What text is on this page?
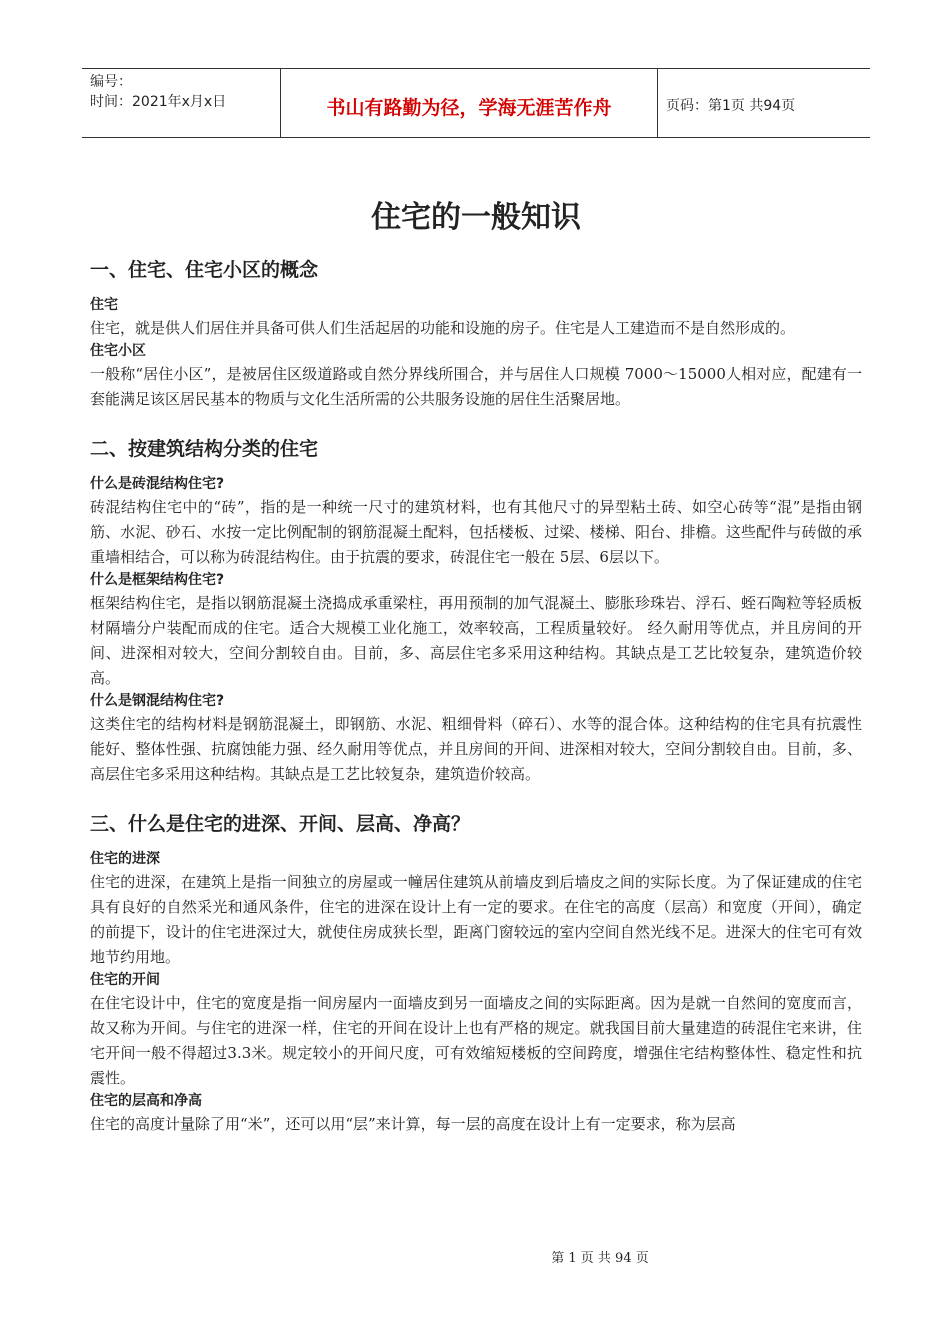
编号：
时间：2021年x月x日	书山有路勤为径，学海无涯苦作舟	页码：第1页 共94页
住宅的一般知识
一、住宅、住宅小区的概念

住宅

住宅，就是供人们居住并具备可供人们生活起居的功能和设施的房子。住宅是人工建造而不是自然形成的。

住宅小区

一般称“居住小区”，是被居住区级道路或自然分界线所围合，并与居住人口规模 7000～15000人相对应，配建有一套能满足该区居民基本的物质与文化生活所需的公共服务设施的居住生活聚居地。

二、按建筑结构分类的住宅

什么是砖混结构住宅?

砖混结构住宅中的“砖”，指的是一种统一尺寸的建筑材料，也有其他尺寸的异型粘土砖、如空心砖等“混”是指由钢筋、水泥、砂石、水按一定比例配制的钢筋混凝土配料，包括楼板、过梁、楼梯、阳台、排檐。这些配件与砖做的承重墙相结合，可以称为砖混结构住。由于抗震的要求，砖混住宅一般在 5层、6层以下。

什么是框架结构住宅?

框架结构住宅，是指以钢筋混凝土浇捣成承重梁柱，再用预制的加气混凝土、膨胀珍珠岩、浮石、蛭石陶粒等轻质板材隔墙分户装配而成的住宅。适合大规模工业化施工，效率较高，工程质量较好。 经久耐用等优点，并且房间的开间、进深相对较大，空间分割较自由。目前，多、高层住宅多采用这种结构。其缺点是工艺比较复杂，建筑造价较高。

什么是钢混结构住宅?

这类住宅的结构材料是钢筋混凝土，即钢筋、水泥、粗细骨料（碎石）、水等的混合体。这种结构的住宅具有抗震性能好、整体性强、抗腐蚀能力强、经久耐用等优点，并且房间的开间、进深相对较大，空间分割较自由。目前，多、高层住宅多采用这种结构。其缺点是工艺比较复杂，建筑造价较高。

三、什么是住宅的进深、开间、层高、净高？

住宅的进深

住宅的进深，在建筑上是指一间独立的房屋或一幢居住建筑从前墙皮到后墙皮之间的实际长度。为了保证建成的住宅具有良好的自然采光和通风条件，住宅的进深在设计上有一定的要求。在住宅的高度（层高）和宽度（开间），确定的前提下，设计的住宅进深过大，就使住房成狭长型，距离门窗较远的室内空间自然光线不足。进深大的住宅可有效地节约用地。

住宅的开间

在住宅设计中，住宅的宽度是指一间房屋内一面墙皮到另一面墙皮之间的实际距离。因为是就一自然间的宽度而言，故又称为开间。与住宅的进深一样，住宅的开间在设计上也有严格的规定。就我国目前大量建造的砖混住宅来讲，住宅开间一般不得超过3.3米。规定较小的开间尺度，可有效缩短楼板的空间跨度，增强住宅结构整体性、稳定性和抗震性。

住宅的层高和净高

住宅的高度计量除了用“米”，还可以用“层”来计算，每一层的高度在设计上有一定要求，称为层高

第 1 页 共 94 页
